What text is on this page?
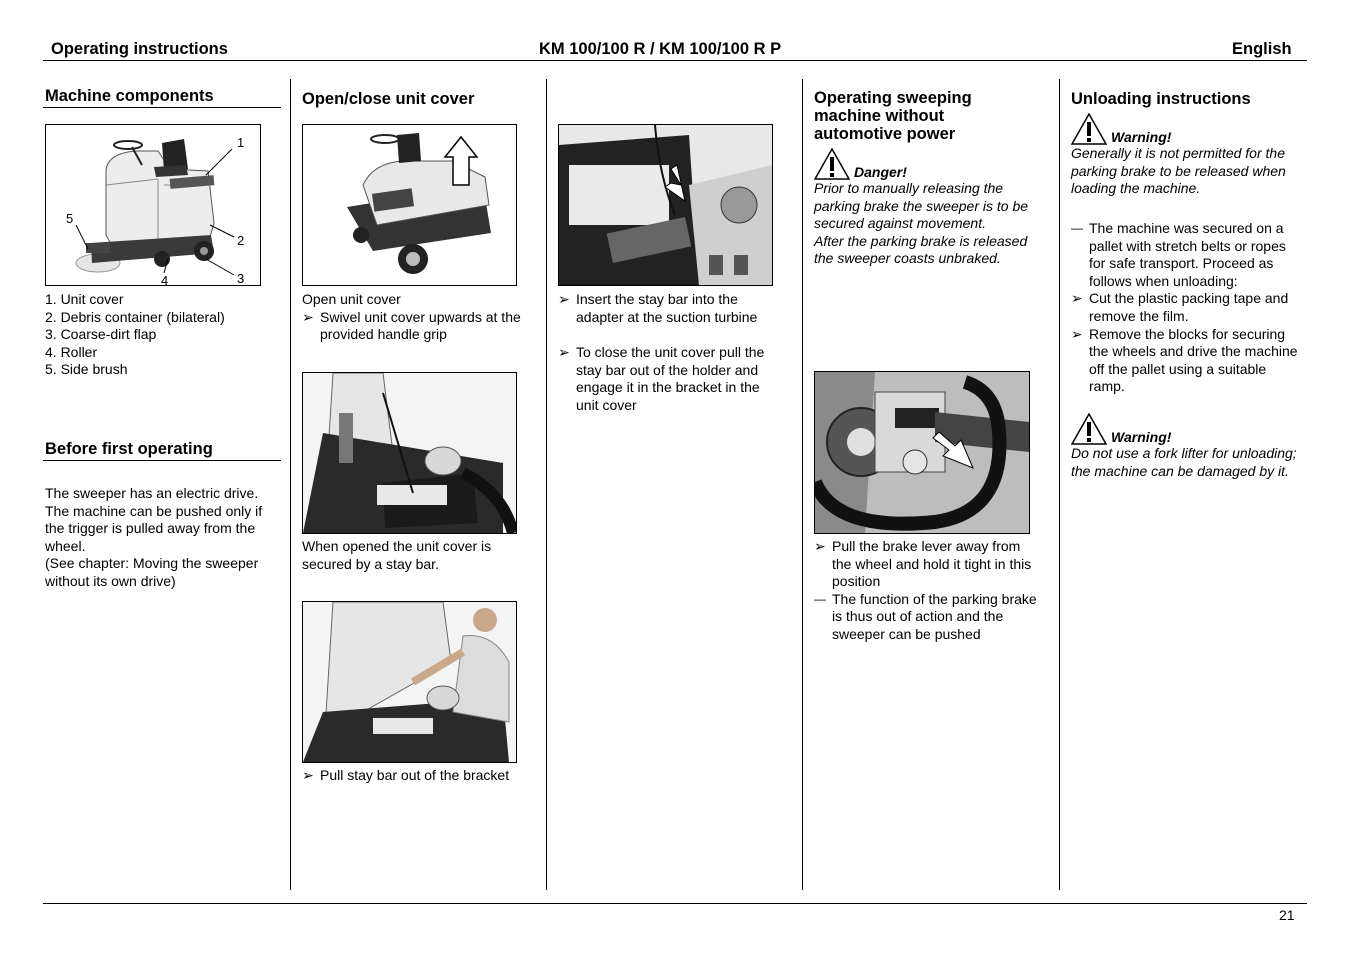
Operating instructions	KM 100/100 R / KM 100/100 R P	English
Machine components
1
2
3
4
5
1. Unit cover
2. Debris container (bilateral)
3. Coarse-dirt flap
4. Roller
5. Side brush
Before first operating
The sweeper has an electric drive.
The machine can be pushed only if
the trigger is pulled away from the
wheel.
(See chapter: Moving the sweeper
without its own drive)
Open/close unit cover
Open unit cover
➢ Swivel unit cover upwards at the
provided handle grip
When opened the unit cover is
secured by a stay bar.
➢ Pull stay bar out of the bracket
➢ Insert the stay bar into the
adapter at the suction turbine
➢ To close the unit cover pull the
stay bar out of the holder and
engage it in the bracket in the
unit cover
Operating sweeping
machine without
automotive power
Danger!
Prior to manually releasing the
parking brake the sweeper is to be
secured against movement.
After the parking brake is released
the sweeper coasts unbraked.
➢ Pull the brake lever away from
the wheel and hold it tight in this
position
— The function of the parking brake
is thus out of action and the
sweeper can be pushed
Unloading instructions
Warning!
Generally it is not permitted for the
parking brake to be released when
loading the machine.
— The machine was secured on a
pallet with stretch belts or ropes
for safe transport. Proceed as
follows when unloading:
➢ Cut the plastic packing tape and
remove the film.
➢ Remove the blocks for securing
the wheels and drive the machine
off the pallet using a suitable
ramp.
Warning!
Do not use a fork lifter for unloading;
the machine can be damaged by it.
21
